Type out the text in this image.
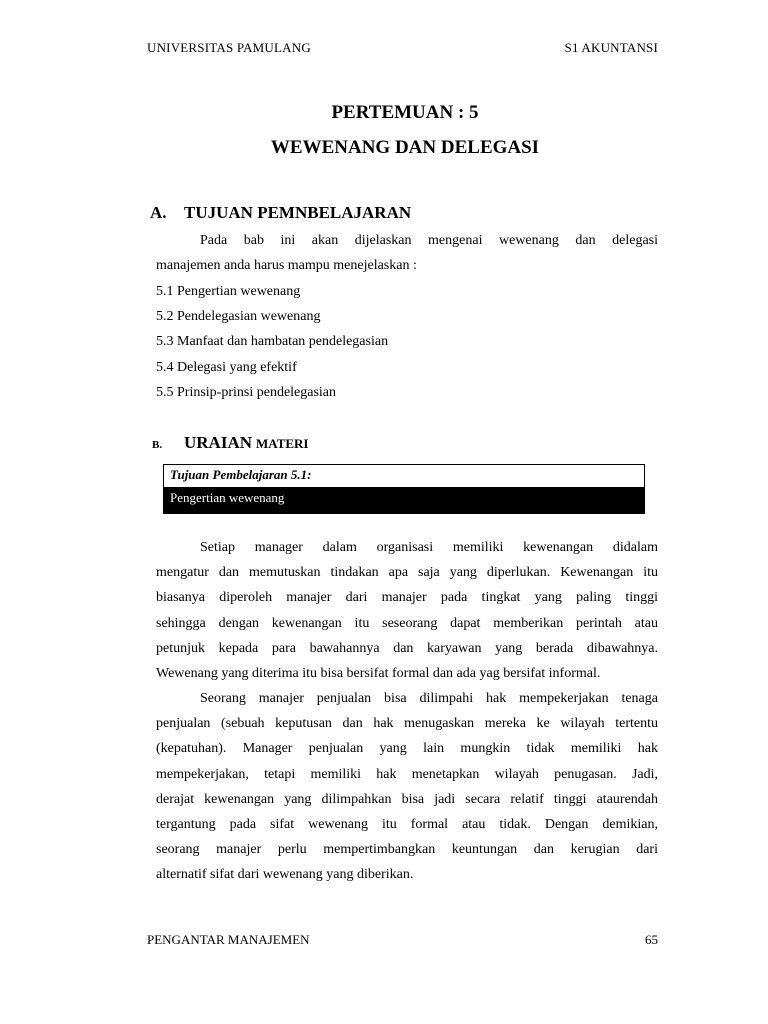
UNIVERSITAS PAMULANG	S1 AKUNTANSI
PERTEMUAN : 5
WEWENANG DAN DELEGASI
A. TUJUAN PEMNBELAJARAN
Pada bab ini akan dijelaskan mengenai wewenang dan delegasi
manajemen anda harus mampu menejelaskan :
5.1 Pengertian wewenang
5.2 Pendelegasian wewenang
5.3 Manfaat dan hambatan pendelegasian
5.4 Delegasi yang efektif
5.5 Prinsip-prinsi pendelegasian
B. URAIAN MATERI
Tujuan Pembelajaran 5.1:
Pengertian wewenang
Setiap manager dalam organisasi memiliki kewenangan didalam
mengatur dan memutuskan tindakan apa saja yang diperlukan. Kewenangan itu
biasanya diperoleh manajer dari manajer pada tingkat yang paling tinggi
sehingga dengan kewenangan itu seseorang dapat memberikan perintah atau
petunjuk kepada para bawahannya dan karyawan yang berada dibawahnya.
Wewenang yang diterima itu bisa bersifat formal dan ada yag bersifat informal.
Seorang manajer penjualan bisa dilimpahi hak mempekerjakan tenaga
penjualan (sebuah keputusan dan hak menugaskan mereka ke wilayah tertentu
(kepatuhan). Manager penjualan yang lain mungkin tidak memiliki hak
mempekerjakan, tetapi memiliki hak menetapkan wilayah penugasan. Jadi,
derajat kewenangan yang dilimpahkan bisa jadi secara relatif tinggi ataurendah
tergantung pada sifat wewenang itu formal atau tidak. Dengan demikian,
seorang manajer perlu mempertimbangkan keuntungan dan kerugian dari
alternatif sifat dari wewenang yang diberikan.
PENGANTAR MANAJEMEN	65
